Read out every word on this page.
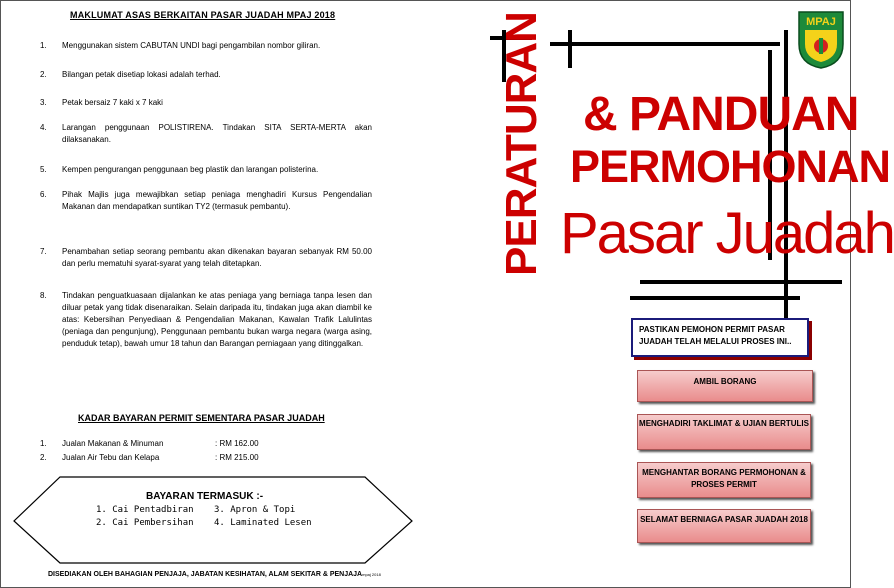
MAKLUMAT ASAS BERKAITAN PASAR JUADAH MPAJ 2018
1. Menggunakan sistem CABUTAN UNDI bagi pengambilan nombor giliran.
2. Bilangan petak disetiap lokasi adalah terhad.
3. Petak bersaiz 7 kaki x 7 kaki
4. Larangan penggunaan POLISTIRENA. Tindakan SITA SERTA-MERTA akan dilaksanakan.
5. Kempen pengurangan penggunaan beg plastik dan larangan polisterina.
6. Pihak Majlis juga mewajibkan setiap peniaga menghadiri Kursus Pengendalian Makanan dan mendapatkan suntikan TY2 (termasuk pembantu).
7. Penambahan setiap seorang pembantu akan dikenakan bayaran sebanyak RM 50.00 dan perlu mematuhi syarat-syarat yang telah ditetapkan.
8. Tindakan penguatkuasaan dijalankan ke atas peniaga yang berniaga tanpa lesen dan diluar petak yang tidak disenaraikan. Selain daripada itu, tindakan juga akan diambil ke atas: Kebersihan Penyediaan & Pengendalian Makanan, Kawalan Trafik Lalulintas (peniaga dan pengunjung), Penggunaan pembantu bukan warga negara (warga asing, penduduk tetap), bawah umur 18 tahun dan Barangan perniagaan yang ditinggalkan.
KADAR BAYARAN PERMIT SEMENTARA PASAR JUADAH
1. Jualan Makanan & Minuman	: RM 162.00
2. Jualan Air Tebu dan Kelapa	: RM 215.00
BAYARAN TERMASUK :-
1. Cai Pentadbiran
2. Cai Pembersihan
3. Apron & Topi
4. Laminated Lesen
DISEDIAKAN OLEH BAHAGIAN PENJAJA, JABATAN KESIHATAN, ALAM SEKITAR & PENJAJAmpaj 2018
PERATURAN & PANDUAN
PERMOHONAN
Pasar Juadah
MPAJ
PASTIKAN PEMOHON PERMIT PASAR JUADAH TELAH MELALUI PROSES INI..
AMBIL BORANG
MENGHADIRI TAKLIMAT & UJIAN BERTULIS
MENGHANTAR BORANG PERMOHONAN & PROSES PERMIT
SELAMAT BERNIAGA PASAR JUADAH 2018
